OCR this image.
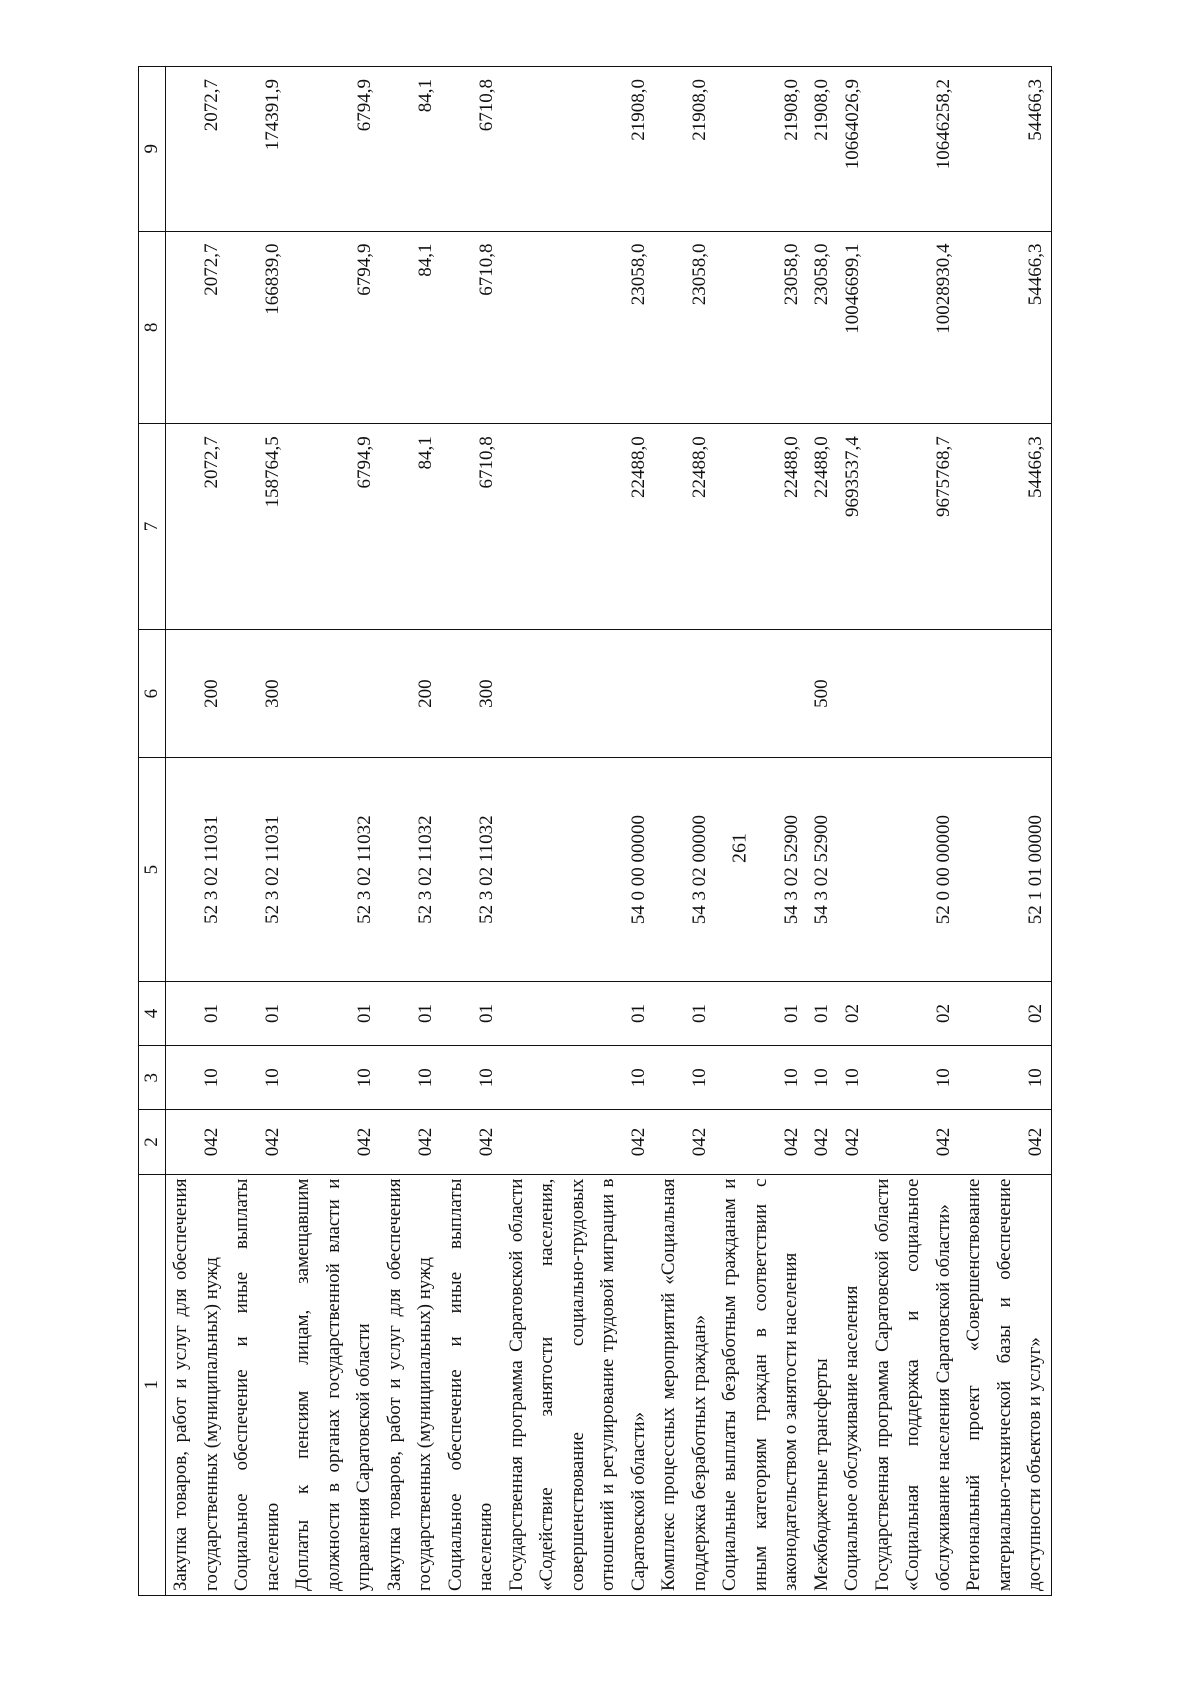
261
1	2	3	4	5	6	7	8	9
Закупка товаров, работ и услуг для обеспечения государственных (муниципальных) нужд	042	10	01	52 3 02 11031	200	2072,7	2072,7	2072,7
Социальное обеспечение и иные выплаты населению	042	10	01	52 3 02 11031	300	158764,5	166839,0	174391,9
Доплаты к пенсиям лицам, замещавшим должности в органах государственной власти и управления Саратовской области	042	10	01	52 3 02 11032		6794,9	6794,9	6794,9
Закупка товаров, работ и услуг для обеспечения государственных (муниципальных) нужд	042	10	01	52 3 02 11032	200	84,1	84,1	84,1
Социальное обеспечение и иные выплаты населению	042	10	01	52 3 02 11032	300	6710,8	6710,8	6710,8
Государственная программа Саратовской области «Содействие занятости населения, совершенствование социально-трудовых отношений и регулирование трудовой миграции в Саратовской области»	042	10	01	54 0 00 00000		22488,0	23058,0	21908,0
Комплекс процессных мероприятий «Социальная поддержка безработных граждан»	042	10	01	54 3 02 00000		22488,0	23058,0	21908,0
Социальные выплаты безработным гражданам и иным категориям граждан в соответствии с законодательством о занятости населения	042	10	01	54 3 02 52900		22488,0	23058,0	21908,0
Межбюджетные трансферты	042	10	01	54 3 02 52900	500	22488,0	23058,0	21908,0
Социальное обслуживание населения	042	10	02			9693537,4	10046699,1	10664026,9
Государственная программа Саратовской области «Социальная поддержка и социальное обслуживание населения Саратовской области»	042	10	02	52 0 00 00000		9675768,7	10028930,4	10646258,2
Региональный проект «Совершенствование материально-технической базы и обеспечение доступности объектов и услуг»	042	10	02	52 1 01 00000		54466,3	54466,3	54466,3
